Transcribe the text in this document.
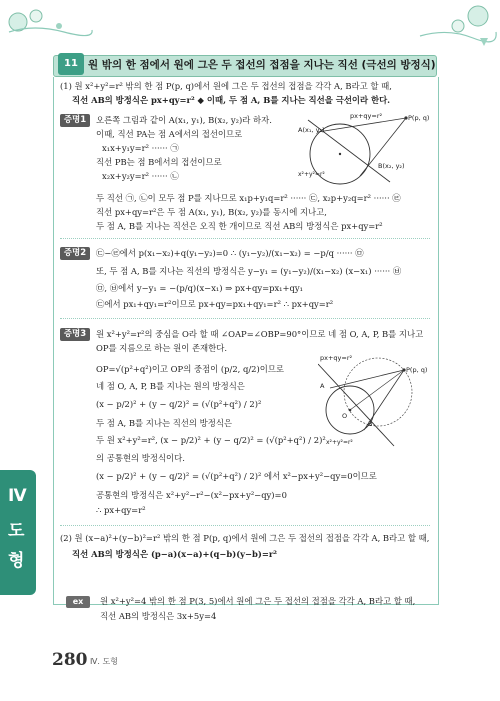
11 원 밖의 한 점에서 원에 그은 두 접선의 접점을 지나는 직선 (극선의 방정식)
(1) 원 x²+y²=r² 밖의 한 점 P(p, q)에서 원에 그은 두 접선의 접점을 각각 A, B라고 할 때,
직선 AB의 방정식은 px+qy=r² ◆ 이때, 두 점 A, B를 지나는 직선을 극선이라 한다.
증명1	오른쪽 그림과 같이 A(x₁, y₁), B(x₂, y₂)라 하자.
이때, 직선 PA는 점 A에서의 접선이므로
x₁x+y₁y=r² ······ ㉠
직선 PB는 점 B에서의 접선이므로
x₂x+y₂y=r² ······ ㉡
두 직선 ㉠, ㉡이 모두 점 P를 지나므로 x₁p+y₁q=r² ······ ㉢, x₂p+y₂q=r² ······ ㉣
직선 px+qy=r²은 두 점 A(x₁, y₁), B(x₂, y₂)를 동시에 지나고,
두 점 A, B를 지나는 직선은 오직 한 개이므로 직선 AB의 방정식은 px+qy=r²
px+qy=r²	P(p, q)
A(x₁, y₁)
B(x₂, y₂)
x²+y²=r²
증명2	㉢−㉣에서 p(x₁−x₂)+q(y₁−y₂)=0 ∴ (y₁−y₂)/(x₁−x₂) = −p/q ······ ㉤
또, 두 점 A, B를 지나는 직선의 방정식은 y−y₁ = (y₁−y₂)/(x₁−x₂) (x−x₁) ······ ㉥
㉤, ㉥에서 y−y₁ = −(p/q)(x−x₁) ⇒ px+qy=px₁+qy₁
㉢에서 px₁+qy₁=r²이므로 px+qy=px₁+qy₁=r² ∴ px+qy=r²
증명3	원 x²+y²=r²의 중심을 O라 할 때 ∠OAP=∠OBP=90°이므로 네 점 O, A, P, B를 지나고
OP를 지름으로 하는 원이 존재한다.
OP=√(p²+q²)이고 OP의 중점이 (p/2, q/2)이므로
네 점 O, A, P, B를 지나는 원의 방정식은
(x − p/2)² + (y − q/2)² = (√(p²+q²) / 2)²
두 점 A, B를 지나는 직선의 방정식은
두 원 x²+y²=r², (x − p/2)² + (y − q/2)² = (√(p²+q²) / 2)²
의 공통현의 방정식이다.
(x − p/2)² + (y − q/2)² = (√(p²+q²) / 2)² 에서 x²−px+y²−qy=0이므로
공통현의 방정식은 x²+y²−r²−(x²−px+y²−qy)=0
∴ px+qy=r²
px+qy=r²
P(p, q)
O
A
B
x²+y²=r²
(2) 원 (x−a)²+(y−b)²=r² 밖의 한 점 P(p, q)에서 원에 그은 두 접선의 접점을 각각 A, B라고 할 때,
직선 AB의 방정식은 (p−a)(x−a)+(q−b)(y−b)=r²
ex	원 x²+y²=4 밖의 한 점 P(3, 5)에서 원에 그은 두 접선의 접점을 각각 A, B라고 할 때,
직선 AB의 방정식은 3x+5y=4
Ⅳ
도
형
280 Ⅳ. 도형
